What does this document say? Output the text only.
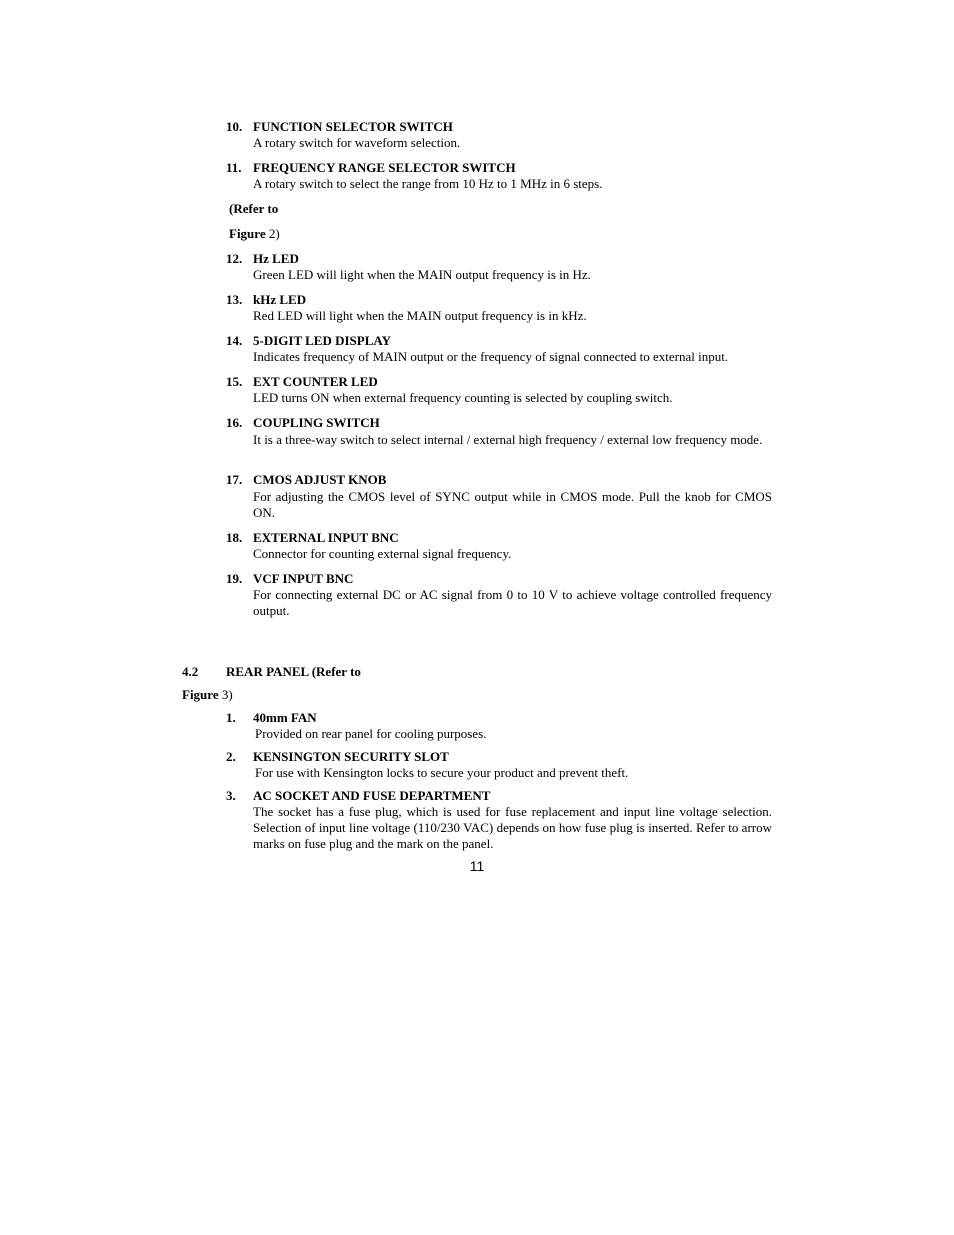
10. FUNCTION SELECTOR SWITCH
A rotary switch for waveform selection.
11. FREQUENCY RANGE SELECTOR SWITCH
A rotary switch to select the range from 10 Hz to 1 MHz in 6 steps.
(Refer to
Figure 2)
12. Hz LED
Green LED will light when the MAIN output frequency is in Hz.
13. kHz LED
Red LED will light when the MAIN output frequency is in kHz.
14. 5-DIGIT LED DISPLAY
Indicates frequency of MAIN output or the frequency of signal connected to external input.
15. EXT COUNTER LED
LED turns ON when external frequency counting is selected by coupling switch.
16. COUPLING SWITCH
It is a three-way switch to select internal / external high frequency / external low frequency mode.
17. CMOS ADJUST KNOB
For adjusting the CMOS level of SYNC output while in CMOS mode. Pull the knob for CMOS ON.
18. EXTERNAL INPUT BNC
Connector for counting external signal frequency.
19. VCF INPUT BNC
For connecting external DC or AC signal from 0 to 10 V to achieve voltage controlled frequency output.
4.2 REAR PANEL (Refer to
Figure 3)
1. 40mm FAN
Provided on rear panel for cooling purposes.
2. KENSINGTON SECURITY SLOT
For use with Kensington locks to secure your product and prevent theft.
3. AC SOCKET AND FUSE DEPARTMENT
The socket has a fuse plug, which is used for fuse replacement and input line voltage selection. Selection of input line voltage (110/230 VAC) depends on how fuse plug is inserted. Refer to arrow marks on fuse plug and the mark on the panel.
11
